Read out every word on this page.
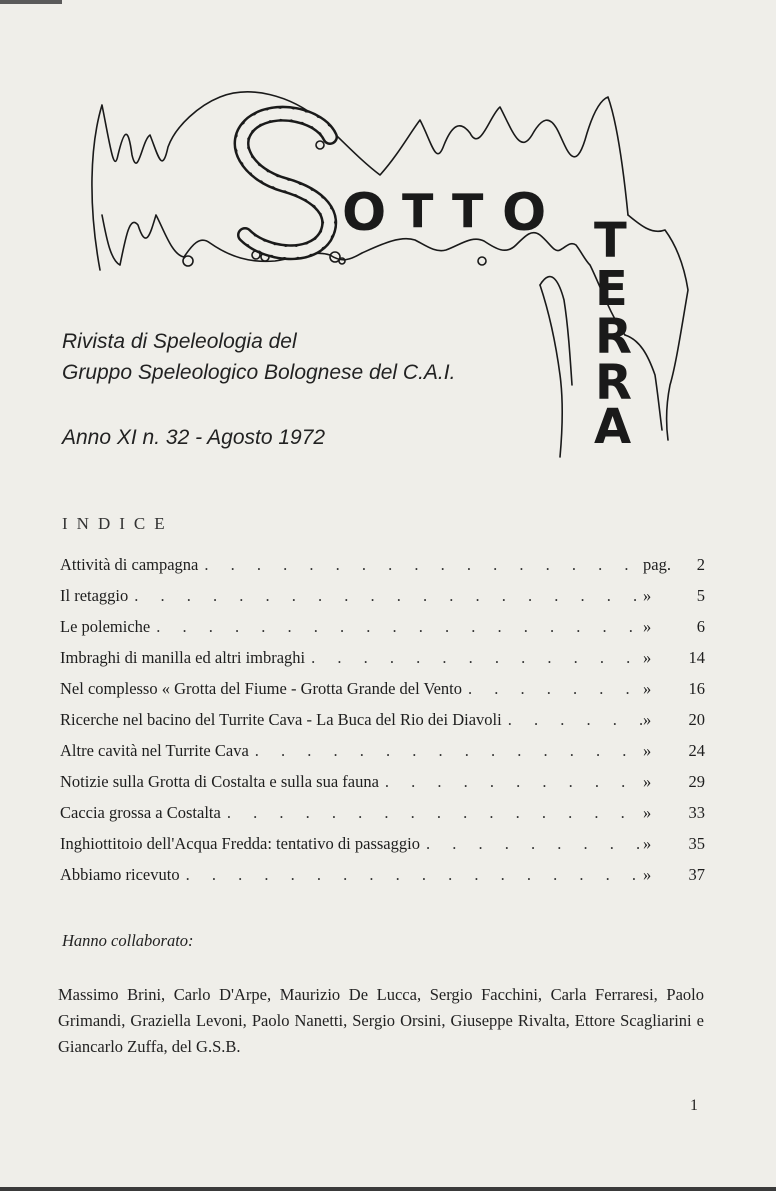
O T T O T
E
R
R
A
Rivista di Speleologia del
Gruppo Speleologico Bolognese del C.A.I.
Anno XI n. 32 - Agosto 1972
INDICE
Attività di campagna . . .	pag.	2
Il retaggio . . .	»	5
Le polemiche . . .	»	6
Imbraghi di manilla ed altri imbraghi . . .	»	14
Nel complesso « Grotta del Fiume - Grotta Grande del Vento . . .	»	16
Ricerche nel bacino del Turrite Cava - La Buca del Rio dei Diavoli . . .	»	20
Altre cavità nel Turrite Cava . . .	»	24
Notizie sulla Grotta di Costalta e sulla sua fauna . . .	»	29
Caccia grossa a Costalta . . .	»	33
Inghiottitoio dell'Acqua Fredda: tentativo di passaggio . . .	»	35
Abbiamo ricevuto . . .	»	37
Hanno collaborato:
Massimo Brini, Carlo D'Arpe, Maurizio De Lucca, Sergio Facchini, Carla Ferraresi, Paolo Grimandi, Graziella Levoni, Paolo Nanetti, Sergio Orsini, Giuseppe Rivalta, Ettore Scagliarini e Giancarlo Zuffa, del G.S.B.
1
